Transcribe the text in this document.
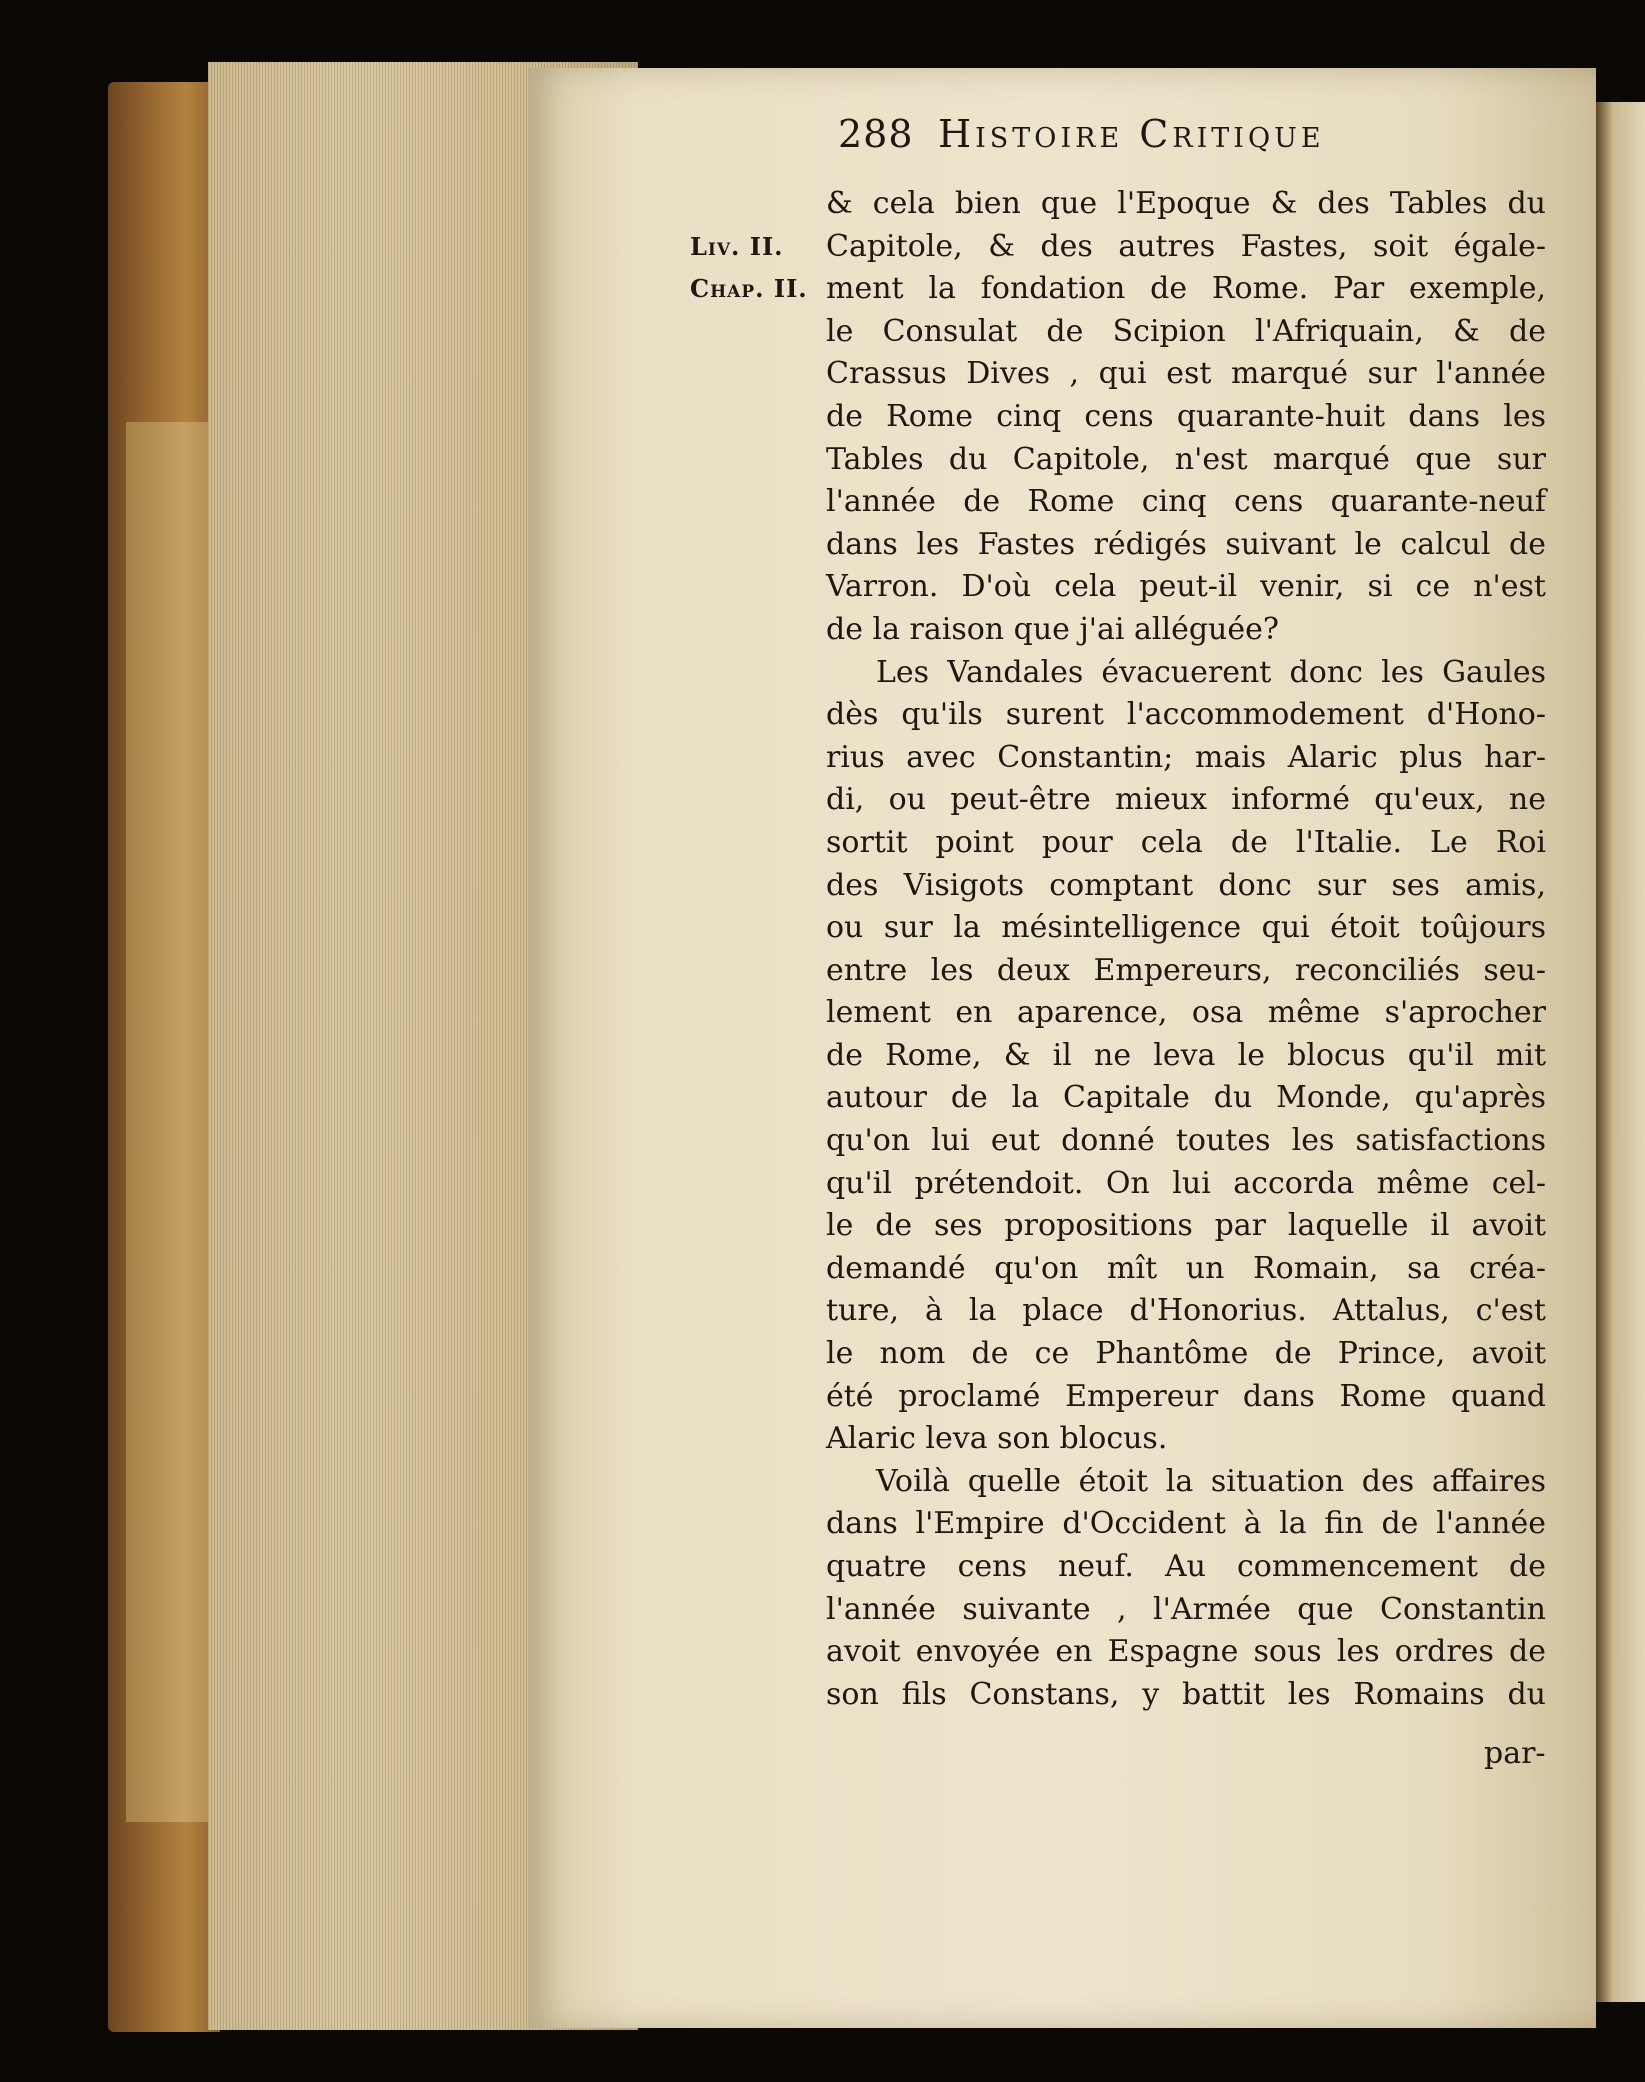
288 Histoire Critique
Liv. II.
Chap. II.
& cela bien que l'Epoque & des Tables du
Capitole, & des autres Fastes, soit égale-
ment la fondation de Rome. Par exemple,
le Consulat de Scipion l'Afriquain, & de
Crassus Dives , qui est marqué sur l'année
de Rome cinq cens quarante-huit dans les
Tables du Capitole, n'est marqué que sur
l'année de Rome cinq cens quarante-neuf
dans les Fastes rédigés suivant le calcul de
Varron. D'où cela peut-il venir, si ce n'est
de la raison que j'ai alléguée?
Les Vandales évacuerent donc les Gaules
dès qu'ils surent l'accommodement d'Hono-
rius avec Constantin; mais Alaric plus har-
di, ou peut-être mieux informé qu'eux, ne
sortit point pour cela de l'Italie. Le Roi
des Visigots comptant donc sur ses amis,
ou sur la mésintelligence qui étoit toûjours
entre les deux Empereurs, reconciliés seu-
lement en aparence, osa même s'aprocher
de Rome, & il ne leva le blocus qu'il mit
autour de la Capitale du Monde, qu'après
qu'on lui eut donné toutes les satisfactions
qu'il prétendoit. On lui accorda même cel-
le de ses propositions par laquelle il avoit
demandé qu'on mît un Romain, sa créa-
ture, à la place d'Honorius. Attalus, c'est
le nom de ce Phantôme de Prince, avoit
été proclamé Empereur dans Rome quand
Alaric leva son blocus.
Voilà quelle étoit la situation des affaires
dans l'Empire d'Occident à la fin de l'année
quatre cens neuf. Au commencement de
l'année suivante , l'Armée que Constantin
avoit envoyée en Espagne sous les ordres de
son fils Constans, y battit les Romains du
par-
